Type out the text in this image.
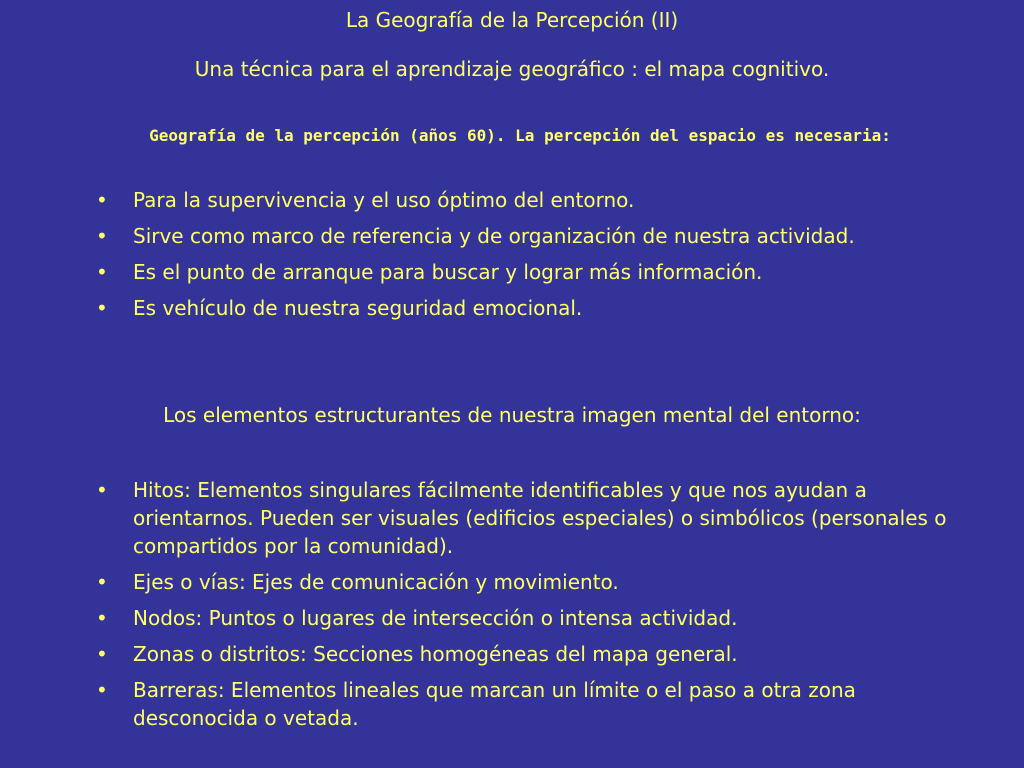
La Geografía de la Percepción (II)
Una técnica para el aprendizaje geográfico : el mapa cognitivo.
Geografía de la percepción (años 60). La percepción del espacio es necesaria:
•	Para la supervivencia y el uso óptimo del entorno.
•	Sirve como marco de referencia y de organización de nuestra actividad.
•	Es el punto de arranque para buscar y lograr más información.
•	Es vehículo de nuestra seguridad emocional.
Los elementos estructurantes de nuestra imagen mental del entorno:
•	Hitos: Elementos singulares fácilmente identificables y que nos ayudan a orientarnos. Pueden ser visuales (edificios especiales) o simbólicos (personales o compartidos por la comunidad).
•	Ejes o vías: Ejes de comunicación y movimiento.
•	Nodos: Puntos o lugares de intersección o intensa actividad.
•	Zonas o distritos: Secciones homogéneas del mapa general.
•	Barreras: Elementos lineales que marcan un límite o el paso a otra zona desconocida o vetada.
